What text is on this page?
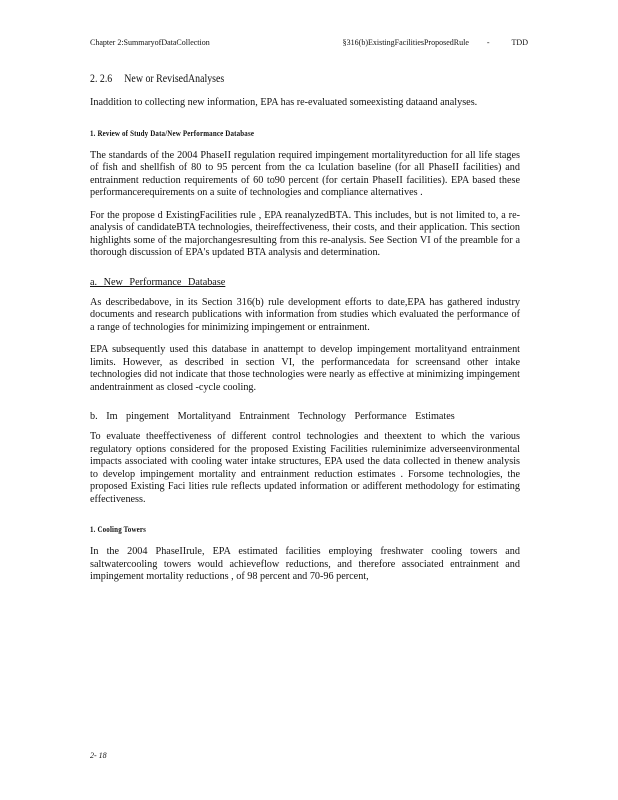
Chapter 2:SummaryofDataCollection	§316(b)ExistingFacilitiesProposedRule -	TDD
2. 2.6 New or RevisedAnalyses

Inaddition to collecting new information, EPA has re-evaluated someexisting dataand analyses.

1. Review of Study Data/New Performance Database

The standards of the 2004 PhaseII regulation required impingement mortalityreduction for all life stages of fish and shellfish of 80 to 95 percent from the ca lculation baseline (for all PhaseII facilities) and entrainment reduction requirements of 60 to90 percent (for certain PhaseII facilities). EPA based these performancerequirements on a suite of technologies and compliance alternatives .

For the propose d ExistingFacilities rule , EPA reanalyzedBTA. This includes, but is not limited to, a re-analysis of candidateBTA technologies, theireffectiveness, their costs, and their application. This section highlights some of the majorchangesresulting from this re-analysis. See Section VI of the preamble for a thorough discussion of EPA's updated BTA analysis and determination.

a. New Performance Database

As describedabove, in its Section 316(b) rule development efforts to date,EPA has gathered industry documents and research publications with information from studies which evaluated the performance of a range of technologies for minimizing impingement or entrainment.

EPA subsequently used this database in anattempt to develop impingement mortalityand entrainment limits. However, as described in section VI, the performancedata for screensand other intake technologies did not indicate that those technologies were nearly as effective at minimizing impingement andentrainment as closed -cycle cooling.

b. Im pingement Mortalityand Entrainment Technology Performance Estimates

To evaluate theeffectiveness of different control technologies and theextent to which the various regulatory options considered for the proposed Existing Facilities ruleminimize adverseenvironmental impacts associated with cooling water intake structures, EPA used the data collected in thenew analysis to develop impingement mortality and entrainment reduction estimates . Forsome technologies, the proposed Existing Faci lities rule reflects updated information or adifferent methodology for estimating effectiveness.

1. Cooling Towers

In the 2004 PhaseIIrule, EPA estimated facilities employing freshwater cooling towers and saltwatercooling towers would achieveflow reductions, and therefore associated entrainment and impingement mortality reductions , of 98 percent and 70-96 percent,

2- 18
